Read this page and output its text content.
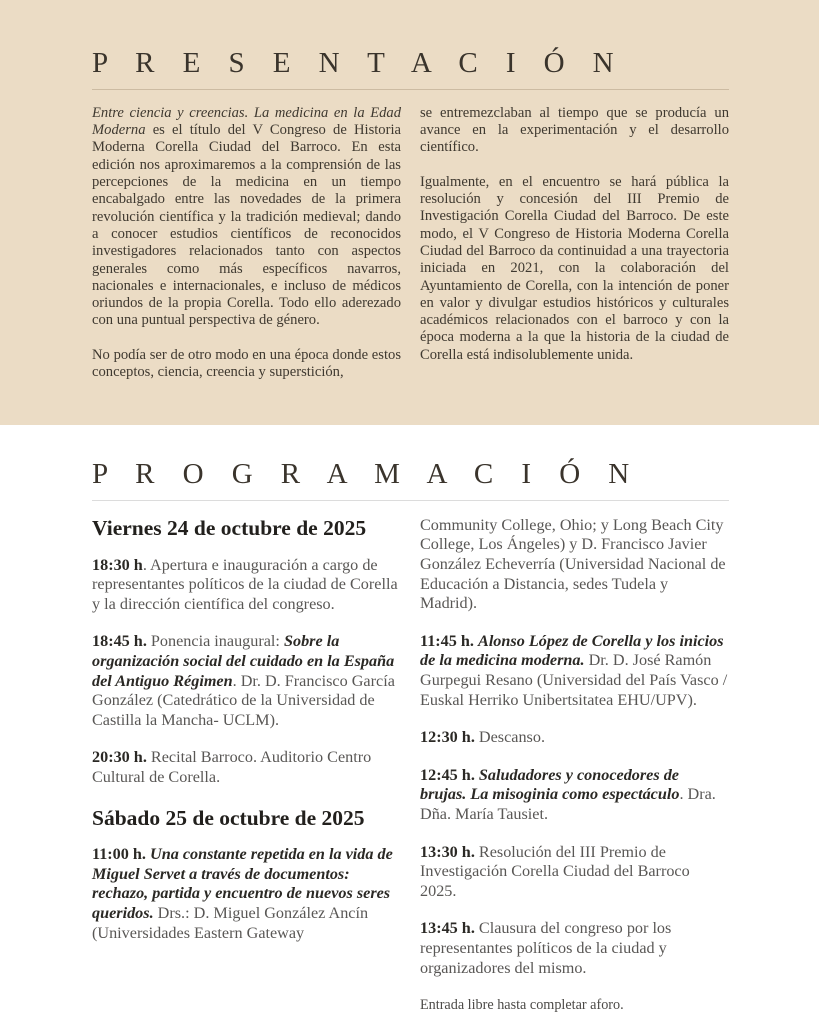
P R E S E N T A C I Ó N

Entre ciencia y creencias. La medicina en la Edad Moderna es el título del V Congreso de Historia Moderna Corella Ciudad del Barroco. En esta edición nos aproximaremos a la comprensión de las percepciones de la medicina en un tiempo encabalgado entre las novedades de la primera revolución científica y la tradición medieval; dando a conocer estudios científicos de reconocidos investigadores relacionados tanto con aspectos generales como más específicos navarros, nacionales e internacionales, e incluso de médicos oriundos de la propia Corella. Todo ello aderezado con una puntual perspectiva de género.

No podía ser de otro modo en una época donde estos conceptos, ciencia, creencia y superstición,

se entremezclaban al tiempo que se producía un avance en la experimentación y el desarrollo científico.

Igualmente, en el encuentro se hará pública la resolución y concesión del III Premio de Investigación Corella Ciudad del Barroco. De este modo, el V Congreso de Historia Moderna Corella Ciudad del Barroco da continuidad a una trayectoria iniciada en 2021, con la colaboración del Ayuntamiento de Corella, con la intención de poner en valor y divulgar estudios históricos y culturales académicos relacionados con el barroco y con la época moderna a la que la historia de la ciudad de Corella está indisolublemente unida.

P R O G R A M A C I Ó N
Viernes 24 de octubre de 2025

18:30 h. Apertura e inauguración a cargo de representantes políticos de la ciudad de Corella y la dirección científica del congreso.

18:45 h. Ponencia inaugural: Sobre la organización social del cuidado en la España del Antiguo Régimen. Dr. D. Francisco García González (Catedrático de la Universidad de Castilla la Mancha- UCLM).

20:30 h. Recital Barroco. Auditorio Centro Cultural de Corella.

Sábado 25 de octubre de 2025

11:00 h. Una constante repetida en la vida de Miguel Servet a través de documentos: rechazo, partida y encuentro de nuevos seres queridos. Drs.: D. Miguel González Ancín (Universidades Eastern Gateway

Community College, Ohio; y Long Beach City College, Los Ángeles) y D. Francisco Javier González Echeverría (Universidad Nacional de Educación a Distancia, sedes Tudela y Madrid).

11:45 h. Alonso López de Corella y los inicios de la medicina moderna. Dr. D. José Ramón Gurpegui Resano (Universidad del País Vasco / Euskal Herriko Unibertsitatea EHU/UPV).

12:30 h. Descanso.

12:45 h. Saludadores y conocedores de brujas. La misoginia como espectáculo. Dra. Dña. María Tausiet.

13:30 h. Resolución del III Premio de Investigación Corella Ciudad del Barroco 2025.

13:45 h. Clausura del congreso por los representantes políticos de la ciudad y organizadores del mismo.

Entrada libre hasta completar aforo.
